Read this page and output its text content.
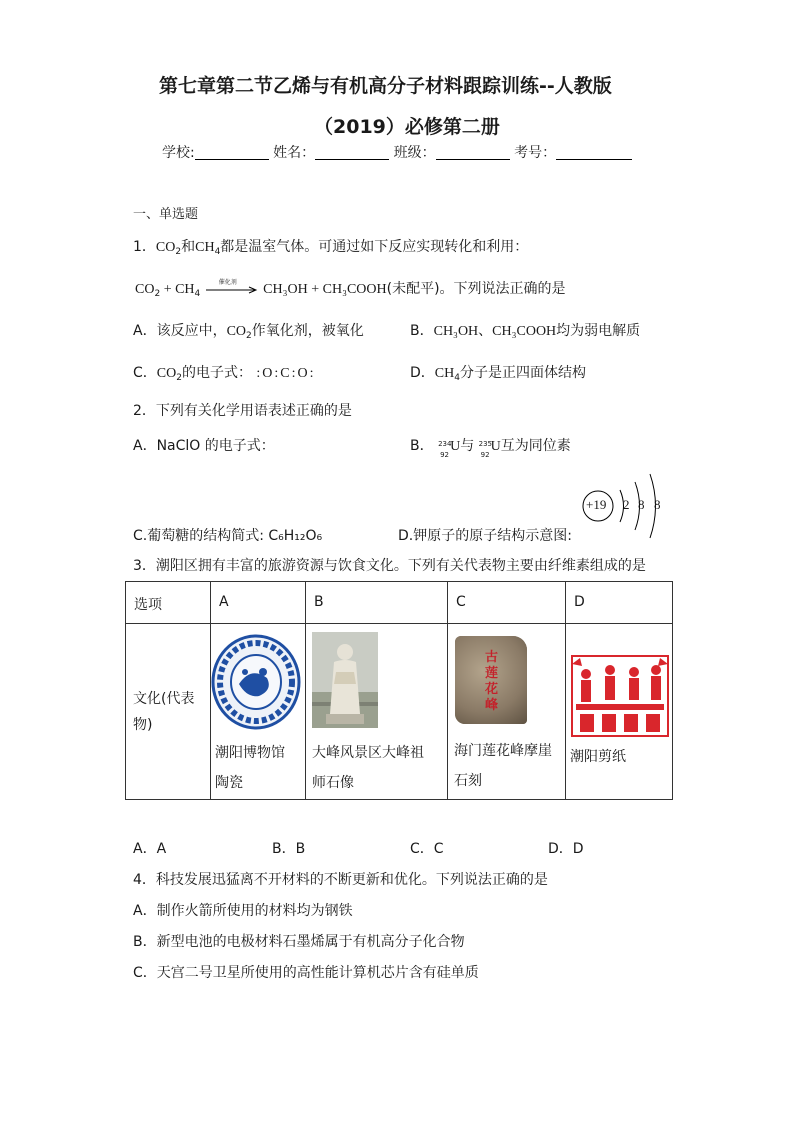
第七章第二节乙烯与有机高分子材料跟踪训练--人教版
（2019）必修第二册
学校:	姓名：	班级：	考号：
一、单选题
1．$CO_2$和$CH_4$都是温室气体。可通过如下反应实现转化和利用：
$CO_2 + CH_4$
催化剂 CH₃OH + CH₃COOH(未配平)。下列说法正确的是
A．该反应中，$CO_2$作氧化剂，被氧化	B．CH₃OH、CH₃COOH均为弱电解质
C．$CO_2$的电子式： :O:C:O:	D．$CH_4$分子是正四面体结构
2．下列有关化学用语表述正确的是
A．NaClO 的电子式：	B． 234
92
U与 235
92
U互为同位素
+19 2 8 8
C.葡萄糖的结构简式: C₆H₁₂O₆	D.钾原子的原子结构示意图:
3．潮阳区拥有丰富的旅游资源与饮食文化。下列有关代表物主要由纤维素组成的是
选项	A	B	C	D

文化(代表
物)	潮阳博物馆
陶瓷	大峰风景区大峰祖
师石像	古莲花峰
海门莲花峰摩崖
石刻	潮阳剪纸
A．A	B．B	C．C	D．D
4．科技发展迅猛离不开材料的不断更新和优化。下列说法正确的是
A．制作火箭所使用的材料均为钢铁
B．新型电池的电极材料石墨烯属于有机高分子化合物
C．天宫二号卫星所使用的高性能计算机芯片含有硅单质
